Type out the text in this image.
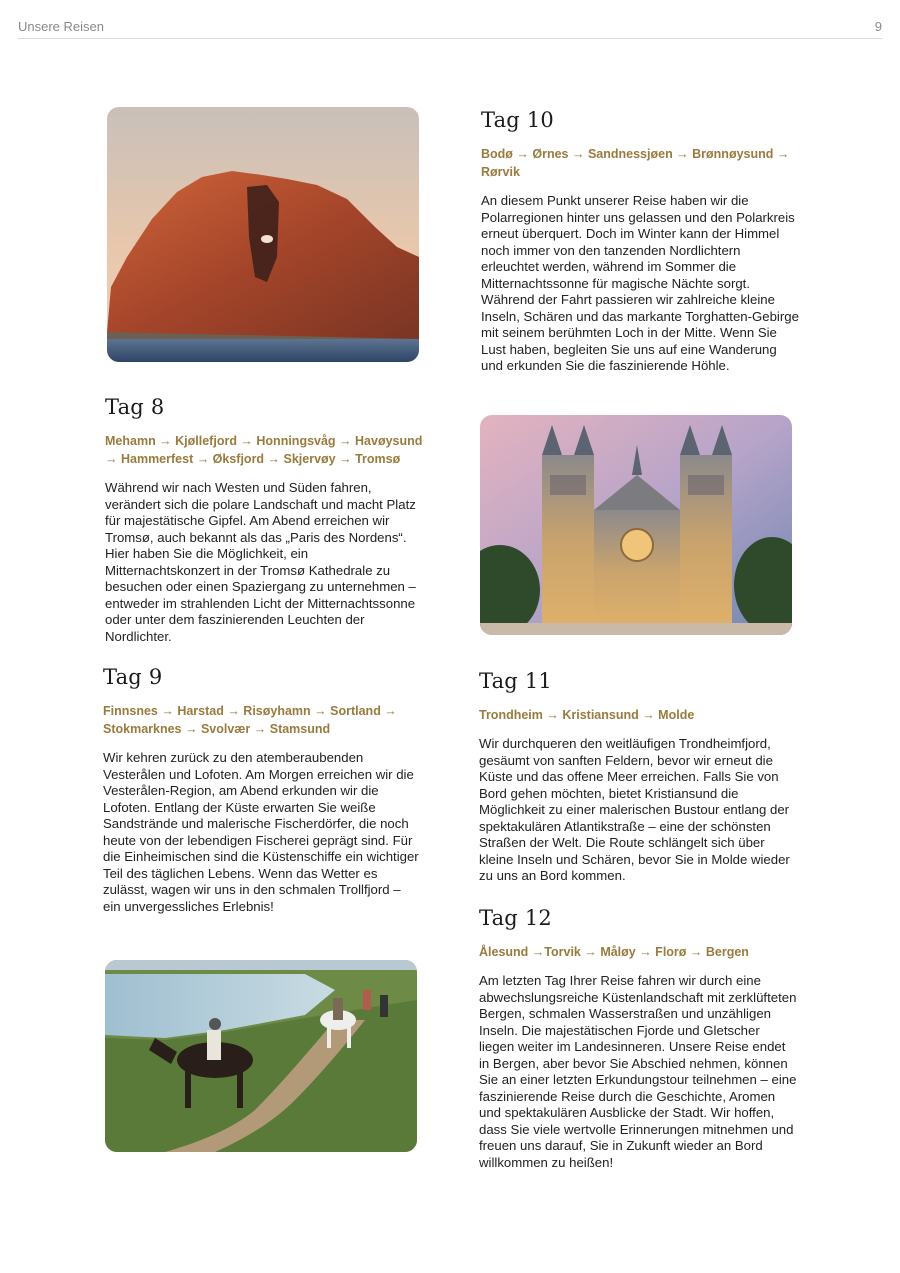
Unsere Reisen	9
Tag 8
Mehamn → Kjøllefjord → Honningsvåg → Havøysund → Hammerfest → Øksfjord → Skjervøy → Tromsø

Während wir nach Westen und Süden fahren, verändert sich die polare Landschaft und macht Platz für majestätische Gipfel. Am Abend erreichen wir Tromsø, auch bekannt als das „Paris des Nordens“. Hier haben Sie die Möglichkeit, ein Mitternachtskonzert in der Tromsø Kathedrale zu besuchen oder einen Spaziergang zu unternehmen – entweder im strahlenden Licht der Mitternachtssonne oder unter dem faszinierenden Leuchten der Nordlichter.

Tag 9
Finnsnes → Harstad → Risøyhamn → Sortland → Stokmarknes → Svolvær → Stamsund

Wir kehren zurück zu den atemberaubenden Vesterålen und Lofoten. Am Morgen erreichen wir die Vesterålen-Region, am Abend erkunden wir die Lofoten. Entlang der Küste erwarten Sie weiße Sandstrände und malerische Fischerdörfer, die noch heute von der lebendigen Fischerei geprägt sind. Für die Einheimischen sind die Küstenschiffe ein wichtiger Teil des täglichen Lebens. Wenn das Wetter es zulässt, wagen wir uns in den schmalen Trollfjord – ein unvergessliches Erlebnis!

Tag 10
Bodø → Ørnes → Sandnessjøen → Brønnøysund → Rørvik

An diesem Punkt unserer Reise haben wir die Polarregionen hinter uns gelassen und den Polarkreis erneut überquert. Doch im Winter kann der Himmel noch immer von den tanzenden Nordlichtern erleuchtet werden, während im Sommer die Mitternachtssonne für magische Nächte sorgt. Während der Fahrt passieren wir zahlreiche kleine Inseln, Schären und das markante Torghatten-Gebirge mit seinem berühmten Loch in der Mitte. Wenn Sie Lust haben, begleiten Sie uns auf eine Wanderung und erkunden Sie die faszinierende Höhle.

Tag 11
Trondheim → Kristiansund → Molde

Wir durchqueren den weitläufigen Trondheimfjord, gesäumt von sanften Feldern, bevor wir erneut die Küste und das offene Meer erreichen. Falls Sie von Bord gehen möchten, bietet Kristiansund die Möglichkeit zu einer malerischen Bustour entlang der spektakulären Atlantikstraße – eine der schönsten Straßen der Welt. Die Route schlängelt sich über kleine Inseln und Schären, bevor Sie in Molde wieder zu uns an Bord kommen.

Tag 12
Ålesund →Torvik → Måløy → Florø → Bergen

Am letzten Tag Ihrer Reise fahren wir durch eine abwechslungsreiche Küstenlandschaft mit zerklüfteten Bergen, schmalen Wasserstraßen und unzähligen Inseln. Die majestätischen Fjorde und Gletscher liegen weiter im Landesinneren. Unsere Reise endet in Bergen, aber bevor Sie Abschied nehmen, können Sie an einer letzten Erkundungstour teilnehmen – eine faszinierende Reise durch die Geschichte, Aromen und spektakulären Ausblicke der Stadt. Wir hoffen, dass Sie viele wertvolle Erinnerungen mitnehmen und freuen uns darauf, Sie in Zukunft wieder an Bord willkommen zu heißen!
